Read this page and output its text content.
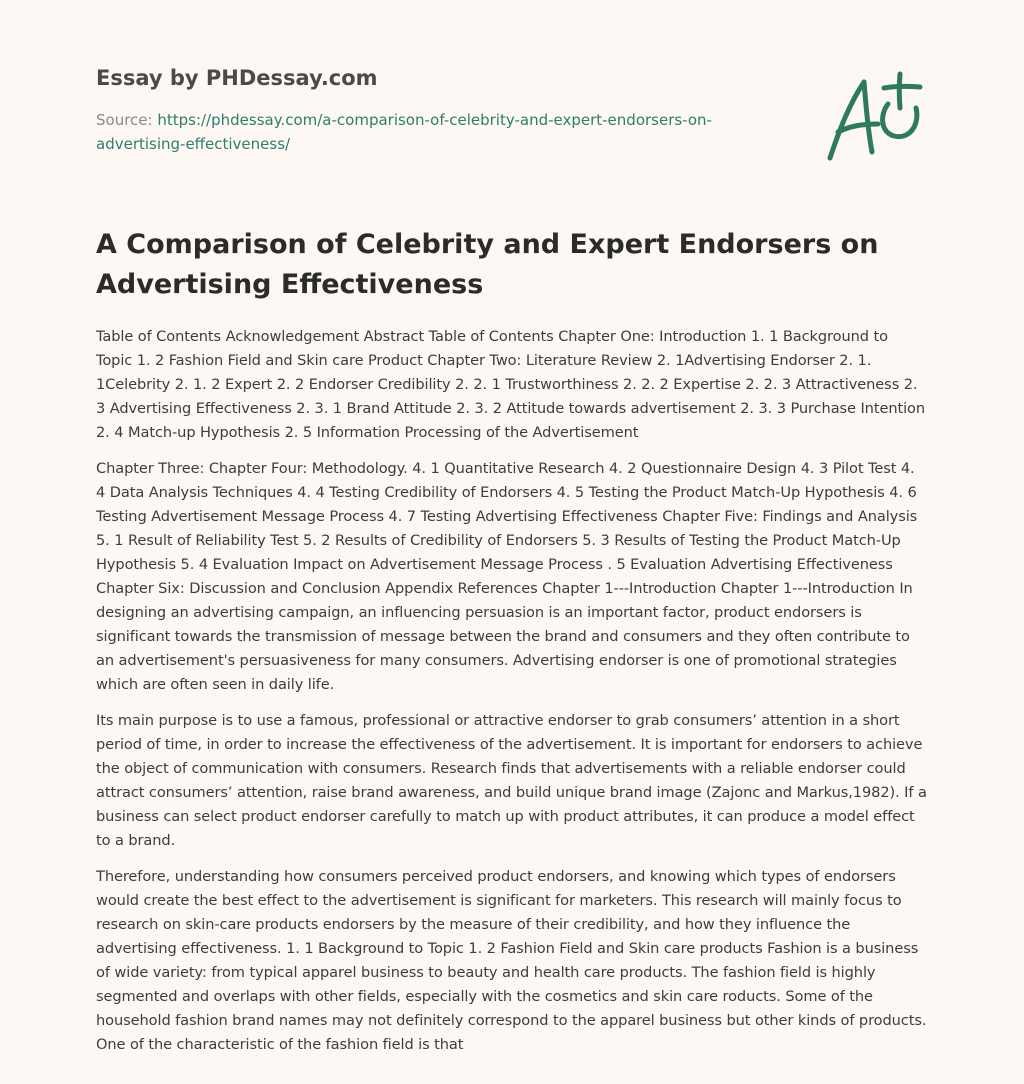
Essay by PHDessay.com
Source: https://phdessay.com/a-comparison-of-celebrity-and-expert-endorsers-on-advertising-effectiveness/
A Comparison of Celebrity and Expert Endorsers on Advertising Effectiveness

Table of Contents Acknowledgement Abstract Table of Contents Chapter One: Introduction 1. 1 Background to Topic 1. 2 Fashion Field and Skin care Product Chapter Two: Literature Review 2. 1Advertising Endorser 2. 1. 1Celebrity 2. 1. 2 Expert 2. 2 Endorser Credibility 2. 2. 1 Trustworthiness 2. 2. 2 Expertise 2. 2. 3 Attractiveness 2. 3 Advertising Effectiveness 2. 3. 1 Brand Attitude 2. 3. 2 Attitude towards advertisement 2. 3. 3 Purchase Intention 2. 4 Match-up Hypothesis 2. 5 Information Processing of the Advertisement

Chapter Three: Chapter Four: Methodology. 4. 1 Quantitative Research 4. 2 Questionnaire Design 4. 3 Pilot Test 4. 4 Data Analysis Techniques 4. 4 Testing Credibility of Endorsers 4. 5 Testing the Product Match-Up Hypothesis 4. 6 Testing Advertisement Message Process 4. 7 Testing Advertising Effectiveness Chapter Five: Findings and Analysis 5. 1 Result of Reliability Test 5. 2 Results of Credibility of Endorsers 5. 3 Results of Testing the Product Match-Up Hypothesis 5. 4 Evaluation Impact on Advertisement Message Process . 5 Evaluation Advertising Effectiveness Chapter Six: Discussion and Conclusion Appendix References Chapter 1---Introduction Chapter 1---Introduction In designing an advertising campaign, an influencing persuasion is an important factor, product endorsers is significant towards the transmission of message between the brand and consumers and they often contribute to an advertisement's persuasiveness for many consumers. Advertising endorser is one of promotional strategies which are often seen in daily life.

Its main purpose is to use a famous, professional or attractive endorser to grab consumers’ attention in a short period of time, in order to increase the effectiveness of the advertisement. It is important for endorsers to achieve the object of communication with consumers. Research finds that advertisements with a reliable endorser could attract consumers’ attention, raise brand awareness, and build unique brand image (Zajonc and Markus,1982). If a business can select product endorser carefully to match up with product attributes, it can produce a model effect to a brand.

Therefore, understanding how consumers perceived product endorsers, and knowing which types of endorsers would create the best effect to the advertisement is significant for marketers. This research will mainly focus to research on skin-care products endorsers by the measure of their credibility, and how they influence the advertising effectiveness. 1. 1 Background to Topic 1. 2 Fashion Field and Skin care products Fashion is a business of wide variety: from typical apparel business to beauty and health care products. The fashion field is highly segmented and overlaps with other fields, especially with the cosmetics and skin care roducts. Some of the household fashion brand names may not definitely correspond to the apparel business but other kinds of products. One of the characteristic of the fashion field is that
